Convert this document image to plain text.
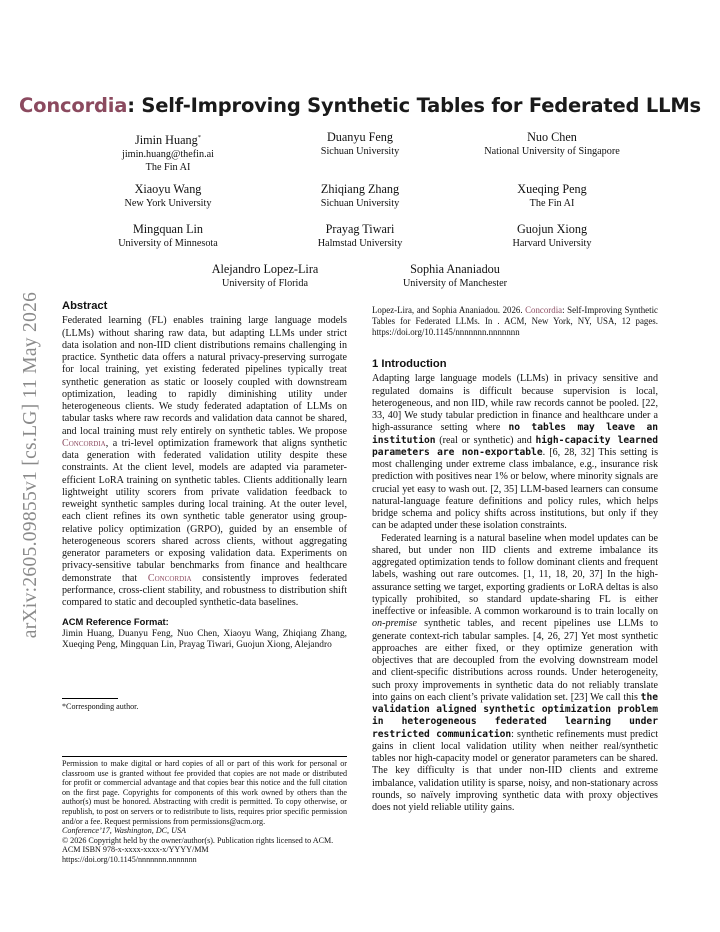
arXiv:2605.09855v1 [cs.LG] 11 May 2026
Concordia: Self-Improving Synthetic Tables for Federated LLMs
Jimin Huang*
jimin.huang@thefin.ai
The Fin AI
Duanyu Feng
Sichuan University
Nuo Chen
National University of Singapore
Xiaoyu Wang
New York University
Zhiqiang Zhang
Sichuan University
Xueqing Peng
The Fin AI
Mingquan Lin
University of Minnesota
Prayag Tiwari
Halmstad University
Guojun Xiong
Harvard University
Alejandro Lopez-Lira
University of Florida
Sophia Ananiadou
University of Manchester
Abstract

Federated learning (FL) enables training large language models (LLMs) without sharing raw data, but adapting LLMs under strict data isolation and non-IID client distributions remains challenging in practice. Synthetic data offers a natural privacy-preserving surrogate for local training, yet existing federated pipelines typically treat synthetic generation as static or loosely coupled with downstream optimization, leading to rapidly diminishing utility under heterogeneous clients. We study federated adaptation of LLMs on tabular tasks where raw records and validation data cannot be shared, and local training must rely entirely on synthetic tables. We propose Concordia, a tri-level optimization framework that aligns synthetic data generation with federated validation utility despite these constraints. At the client level, models are adapted via parameter-efficient LoRA training on synthetic tables. Clients additionally learn lightweight utility scorers from private validation feedback to reweight synthetic samples during local training. At the outer level, each client refines its own synthetic table generator using group-relative policy optimization (GRPO), guided by an ensemble of heterogeneous scorers shared across clients, without aggregating generator parameters or exposing validation data. Experiments on privacy-sensitive tabular benchmarks from finance and healthcare demonstrate that Concordia consistently improves federated performance, cross-client stability, and robustness to distribution shift compared to static and decoupled synthetic-data baselines.

ACM Reference Format:

Jimin Huang, Duanyu Feng, Nuo Chen, Xiaoyu Wang, Zhiqiang Zhang, Xueqing Peng, Mingquan Lin, Prayag Tiwari, Guojun Xiong, Alejandro

*Corresponding author.

Permission to make digital or hard copies of all or part of this work for personal or classroom use is granted without fee provided that copies are not made or distributed for profit or commercial advantage and that copies bear this notice and the full citation on the first page. Copyrights for components of this work owned by others than the author(s) must be honored. Abstracting with credit is permitted. To copy otherwise, or republish, to post on servers or to redistribute to lists, requires prior specific permission and/or a fee. Request permissions from permissions@acm.org.

Conference’17, Washington, DC, USA

© 2026 Copyright held by the owner/author(s). Publication rights licensed to ACM.

ACM ISBN 978-x-xxxx-xxxx-x/YYYY/MM

https://doi.org/10.1145/nnnnnnn.nnnnnnn

Lopez-Lira, and Sophia Ananiadou. 2026. Concordia: Self-Improving Synthetic Tables for Federated LLMs. In . ACM, New York, NY, USA, 12 pages. https://doi.org/10.1145/nnnnnnn.nnnnnnn

1 Introduction

Adapting large language models (LLMs) in privacy sensitive and regulated domains is difficult because supervision is local, heterogeneous, and non IID, while raw records cannot be pooled. [22, 33, 40] We study tabular prediction in finance and healthcare under a high-assurance setting where no tables may leave an institution (real or synthetic) and high-capacity learned parameters are non-exportable. [6, 28, 32] This setting is most challenging under extreme class imbalance, e.g., insurance risk prediction with positives near 1% or below, where minority signals are crucial yet easy to wash out. [2, 35] LLM-based learners can consume natural-language feature definitions and policy rules, which helps bridge schema and policy shifts across institutions, but only if they can be adapted under these isolation constraints.

Federated learning is a natural baseline when model updates can be shared, but under non IID clients and extreme imbalance its aggregated optimization tends to follow dominant clients and frequent labels, washing out rare outcomes. [1, 11, 18, 20, 37] In the high-assurance setting we target, exporting gradients or LoRA deltas is also typically prohibited, so standard update-sharing FL is either ineffective or infeasible. A common workaround is to train locally on on-premise synthetic tables, and recent pipelines use LLMs to generate context-rich tabular samples. [4, 26, 27] Yet most synthetic approaches are either fixed, or they optimize generation with objectives that are decoupled from the evolving downstream model and client-specific distributions across rounds. Under heterogeneity, such proxy improvements in synthetic data do not reliably translate into gains on each client’s private validation set. [23] We call this the validation aligned synthetic optimization problem in heterogeneous federated learning under restricted communication: synthetic refinements must predict gains in client local validation utility when neither real/synthetic tables nor high-capacity model or generator parameters can be shared. The key difficulty is that under non-IID clients and extreme imbalance, validation utility is sparse, noisy, and non-stationary across rounds, so naïvely improving synthetic data with proxy objectives does not yield reliable utility gains.
